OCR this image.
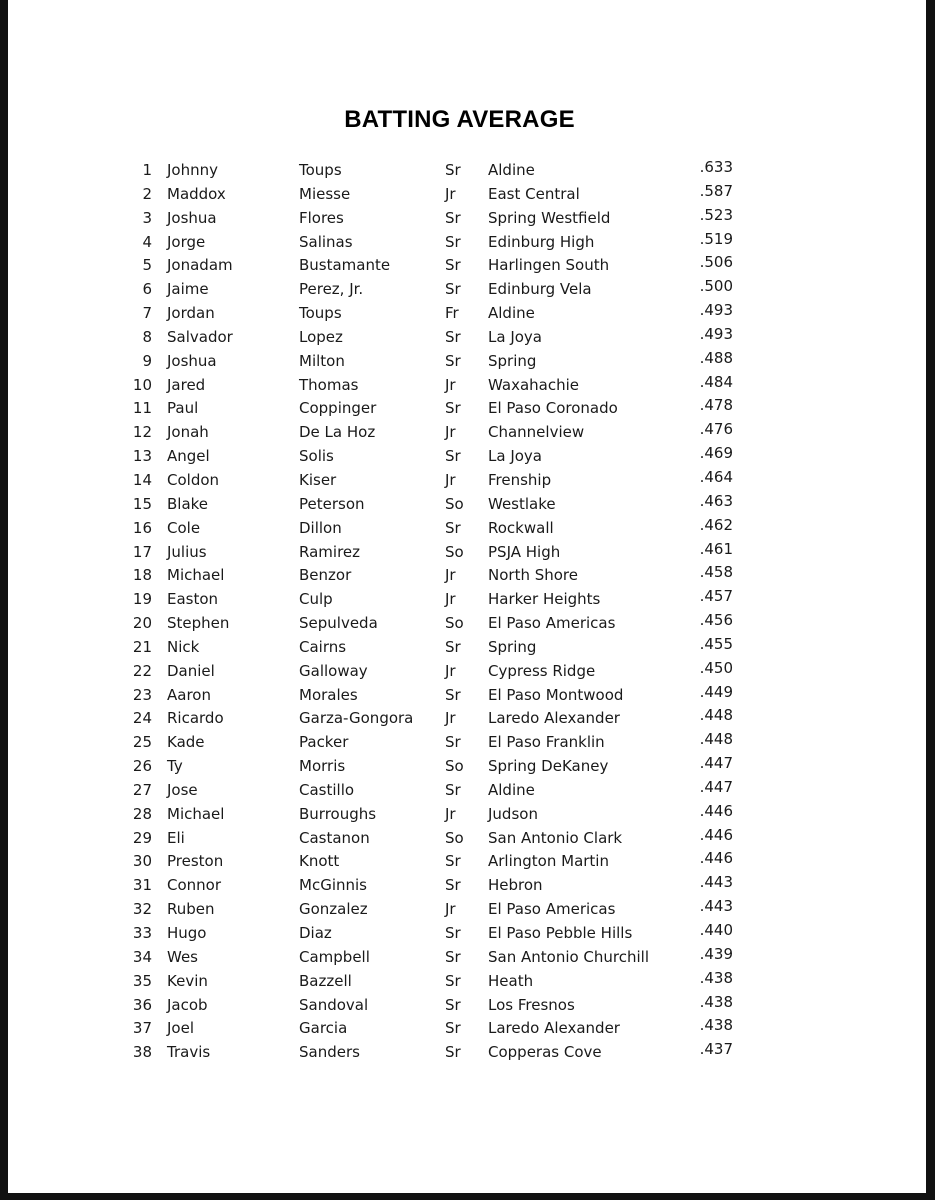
BATTING AVERAGE
1 Johnny	Toups	Sr Aldine	.633
2 Maddox	Miesse	Jr East Central	.587
3 Joshua	Flores	Sr Spring Westfield	.523
4 Jorge	Salinas	Sr Edinburg High	.519
5 Jonadam	Bustamante	Sr Harlingen South	.506
6 Jaime	Perez, Jr.	Sr Edinburg Vela	.500
7 Jordan	Toups	Fr Aldine	.493
8 Salvador	Lopez	Sr La Joya	.493
9 Joshua	Milton	Sr Spring	.488
10 Jared	Thomas	Jr Waxahachie	.484
11 Paul	Coppinger	Sr El Paso Coronado	.478
12 Jonah	De La Hoz	Jr Channelview	.476
13 Angel	Solis	Sr La Joya	.469
14 Coldon	Kiser	Jr Frenship	.464
15 Blake	Peterson	So Westlake	.463
16 Cole	Dillon	Sr Rockwall	.462
17 Julius	Ramirez	So PSJA High	.461
18 Michael	Benzor	Jr North Shore	.458
19 Easton	Culp	Jr Harker Heights	.457
20 Stephen	Sepulveda	So El Paso Americas	.456
21 Nick	Cairns	Sr Spring	.455
22 Daniel	Galloway	Jr Cypress Ridge	.450
23 Aaron	Morales	Sr El Paso Montwood	.449
24 Ricardo	Garza-Gongora Jr Laredo Alexander	.448
25 Kade	Packer	Sr El Paso Franklin	.448
26 Ty	Morris	So Spring DeKaney	.447
27 Jose	Castillo	Sr Aldine	.447
28 Michael	Burroughs	Jr Judson	.446
29 Eli	Castanon	So San Antonio Clark	.446
30 Preston	Knott	Sr Arlington Martin	.446
31 Connor	McGinnis	Sr Hebron	.443
32 Ruben	Gonzalez	Jr El Paso Americas	.443
33 Hugo	Diaz	Sr El Paso Pebble Hills	.440
34 Wes	Campbell	Sr San Antonio Churchill	.439
35 Kevin	Bazzell	Sr Heath	.438
36 Jacob	Sandoval	Sr Los Fresnos	.438
37 Joel	Garcia	Sr Laredo Alexander	.438
38 Travis	Sanders	Sr Copperas Cove	.437
